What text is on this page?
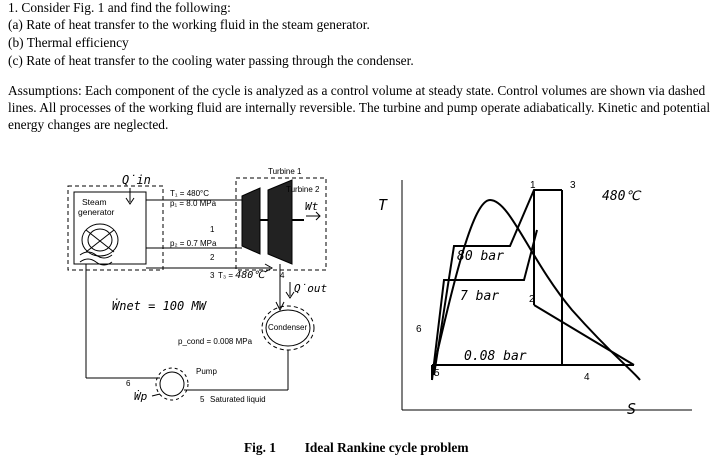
1. Consider Fig. 1 and find the following:
(a) Rate of heat transfer to the working fluid in the steam generator.
(b) Thermal efficiency
(c) Rate of heat transfer to the cooling water passing through the condenser.
Assumptions: Each component of the cycle is analyzed as a control volume at steady state. Control volumes are shown via dashed lines. All processes of the working fluid are internally reversible. The turbine and pump operate adiabatically. Kinetic and potential energy changes are neglected.
Steam
generator
Q̇in
T₁ = 480°C
p₁ = 8.0 MPa
1
p₂ = 0.7 MPa
2
3 T₃ = 480℃
Turbine 1
Turbine 2
Wt
4
Q̇out
Ẇnet = 100 MW
Condenser
p_cond = 0.008 MPa
Pump
5 Saturated liquid
6
Ẇp
T
S
80 bar
7 bar
0.08 bar
1
2
3
4
5
6
480℃
Fig. 1 Ideal Rankine cycle problem
